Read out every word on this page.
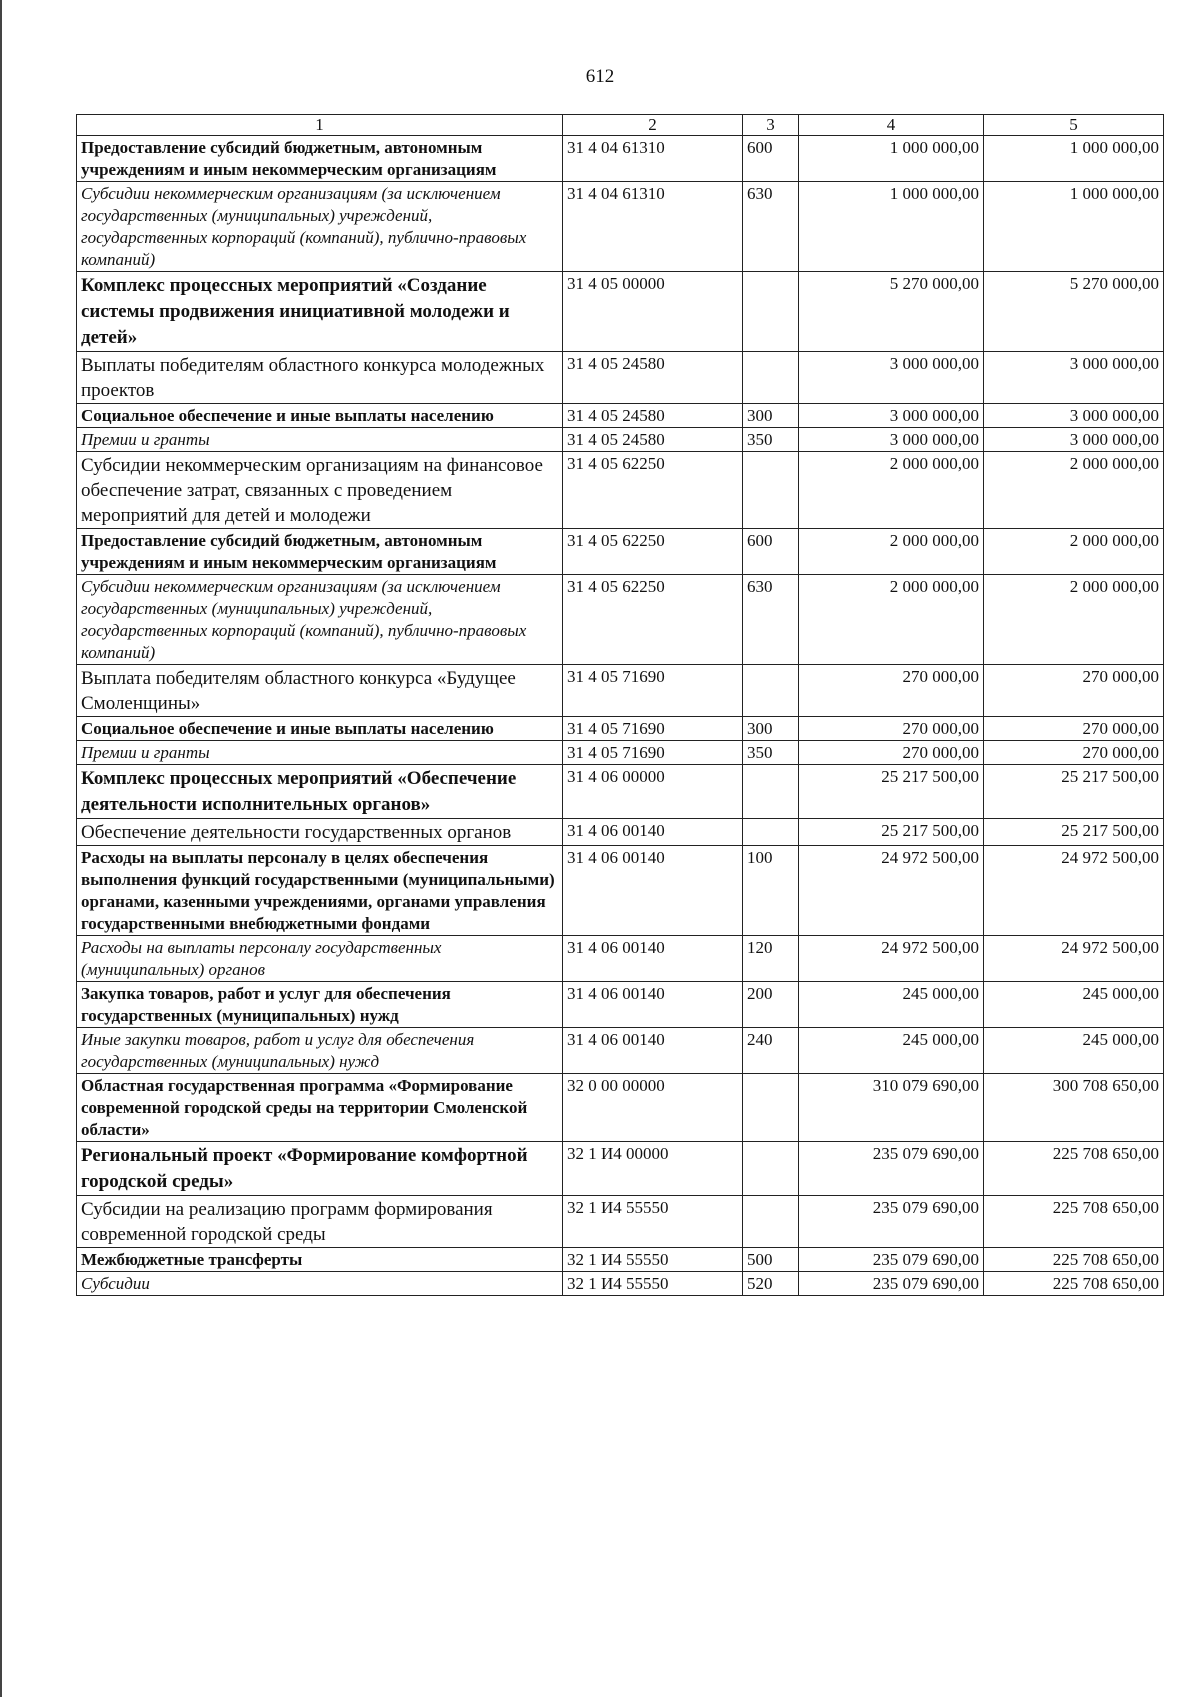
612
1	2	3	4	5
Предоставление субсидий бюджетным, автономным учреждениям и иным некоммерческим организациям	31 4 04 61310	600	1 000 000,00	1 000 000,00
Субсидии некоммерческим организациям (за исключением государственных (муниципальных) учреждений, государственных корпораций (компаний), публично-правовых компаний)	31 4 04 61310	630	1 000 000,00	1 000 000,00
Комплекс процессных мероприятий «Создание системы продвижения инициативной молодежи и детей»	31 4 05 00000		5 270 000,00	5 270 000,00
Выплаты победителям областного конкурса молодежных проектов	31 4 05 24580		3 000 000,00	3 000 000,00
Социальное обеспечение и иные выплаты населению	31 4 05 24580	300	3 000 000,00	3 000 000,00
Премии и гранты	31 4 05 24580	350	3 000 000,00	3 000 000,00
Субсидии некоммерческим организациям на финансовое обеспечение затрат, связанных с проведением мероприятий для детей и молодежи	31 4 05 62250		2 000 000,00	2 000 000,00
Предоставление субсидий бюджетным, автономным учреждениям и иным некоммерческим организациям	31 4 05 62250	600	2 000 000,00	2 000 000,00
Субсидии некоммерческим организациям (за исключением государственных (муниципальных) учреждений, государственных корпораций (компаний), публично-правовых компаний)	31 4 05 62250	630	2 000 000,00	2 000 000,00
Выплата победителям областного конкурса «Будущее Смоленщины»	31 4 05 71690		270 000,00	270 000,00
Социальное обеспечение и иные выплаты населению	31 4 05 71690	300	270 000,00	270 000,00
Премии и гранты	31 4 05 71690	350	270 000,00	270 000,00
Комплекс процессных мероприятий «Обеспечение деятельности исполнительных органов»	31 4 06 00000		25 217 500,00	25 217 500,00
Обеспечение деятельности государственных органов	31 4 06 00140		25 217 500,00	25 217 500,00
Расходы на выплаты персоналу в целях обеспечения выполнения функций государственными (муниципальными) органами, казенными учреждениями, органами управления государственными внебюджетными фондами	31 4 06 00140	100	24 972 500,00	24 972 500,00
Расходы на выплаты персоналу государственных (муниципальных) органов	31 4 06 00140	120	24 972 500,00	24 972 500,00
Закупка товаров, работ и услуг для обеспечения государственных (муниципальных) нужд	31 4 06 00140	200	245 000,00	245 000,00
Иные закупки товаров, работ и услуг для обеспечения государственных (муниципальных) нужд	31 4 06 00140	240	245 000,00	245 000,00
Областная государственная программа «Формирование современной городской среды на территории Смоленской области»	32 0 00 00000		310 079 690,00	300 708 650,00
Региональный проект «Формирование комфортной городской среды»	32 1 И4 00000		235 079 690,00	225 708 650,00
Субсидии на реализацию программ формирования современной городской среды	32 1 И4 55550		235 079 690,00	225 708 650,00
Межбюджетные трансферты	32 1 И4 55550	500	235 079 690,00	225 708 650,00
Субсидии	32 1 И4 55550	520	235 079 690,00	225 708 650,00
